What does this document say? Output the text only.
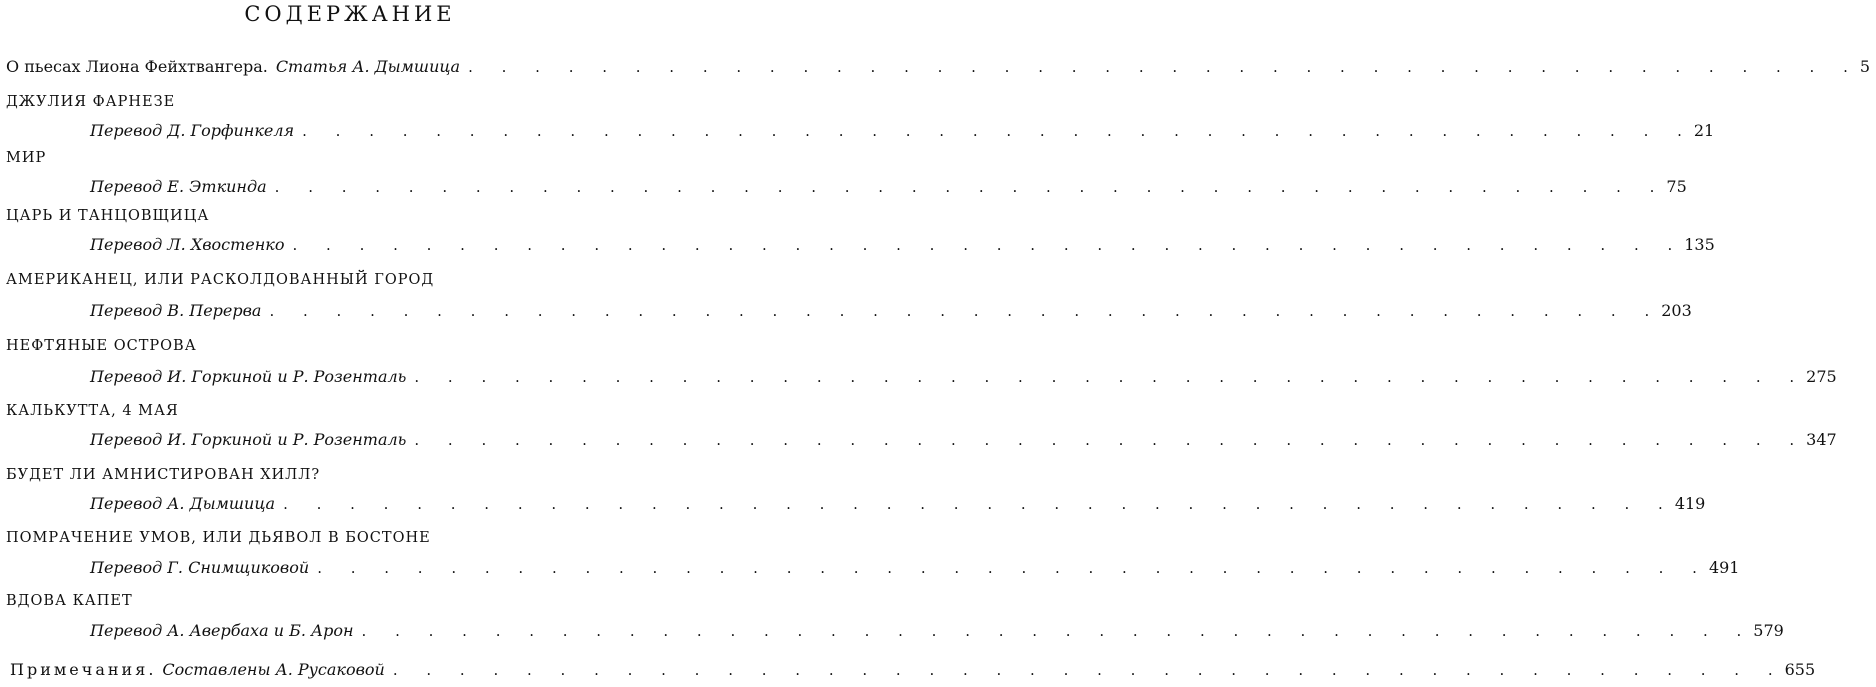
СОДЕРЖАНИЕ
О пьесах Лиона Фейхтвангера. Статья А. Дымшица . . . . . . . . . . . . . . . . . . . . . . . . . . . . . . . . . . . . . . . . . . 5
ДЖУЛИЯ ФАРНЕЗЕ
Перевод Д. Горфинкеля . . . . . . . . . . . . . . . . . . . . . . . . . . . . . . . . . . . . . . . . . . 21
МИР
Перевод Е. Эткинда . . . . . . . . . . . . . . . . . . . . . . . . . . . . . . . . . . . . . . . . . . 75
ЦАРЬ И ТАНЦОВЩИЦА
Перевод Л. Хвостенко . . . . . . . . . . . . . . . . . . . . . . . . . . . . . . . . . . . . . . . . . . 135
АМЕРИКАНЕЦ, ИЛИ РАСКОЛДОВАННЫЙ ГОРОД
Перевод В. Перерва . . . . . . . . . . . . . . . . . . . . . . . . . . . . . . . . . . . . . . . . . . 203
НЕФТЯНЫЕ ОСТРОВА
Перевод И. Горкиной и Р. Розенталь . . . . . . . . . . . . . . . . . . . . . . . . . . . . . . . . . . . . . . . . . . 275
КАЛЬКУТТА, 4 МАЯ
Перевод И. Горкиной и Р. Розенталь . . . . . . . . . . . . . . . . . . . . . . . . . . . . . . . . . . . . . . . . . . 347
БУДЕТ ЛИ АМНИСТИРОВАН ХИЛЛ?
Перевод А. Дымшица . . . . . . . . . . . . . . . . . . . . . . . . . . . . . . . . . . . . . . . . . . 419
ПОМРАЧЕНИЕ УМОВ, ИЛИ ДЬЯВОЛ В БОСТОНЕ
Перевод Г. Снимщиковой . . . . . . . . . . . . . . . . . . . . . . . . . . . . . . . . . . . . . . . . . . 491
ВДОВА КАПЕТ
Перевод А. Авербаха и Б. Арон . . . . . . . . . . . . . . . . . . . . . . . . . . . . . . . . . . . . . . . . . . 579
Примечания. Составлены А. Русаковой . . . . . . . . . . . . . . . . . . . . . . . . . . . . . . . . . . . . . . . . . . 655
